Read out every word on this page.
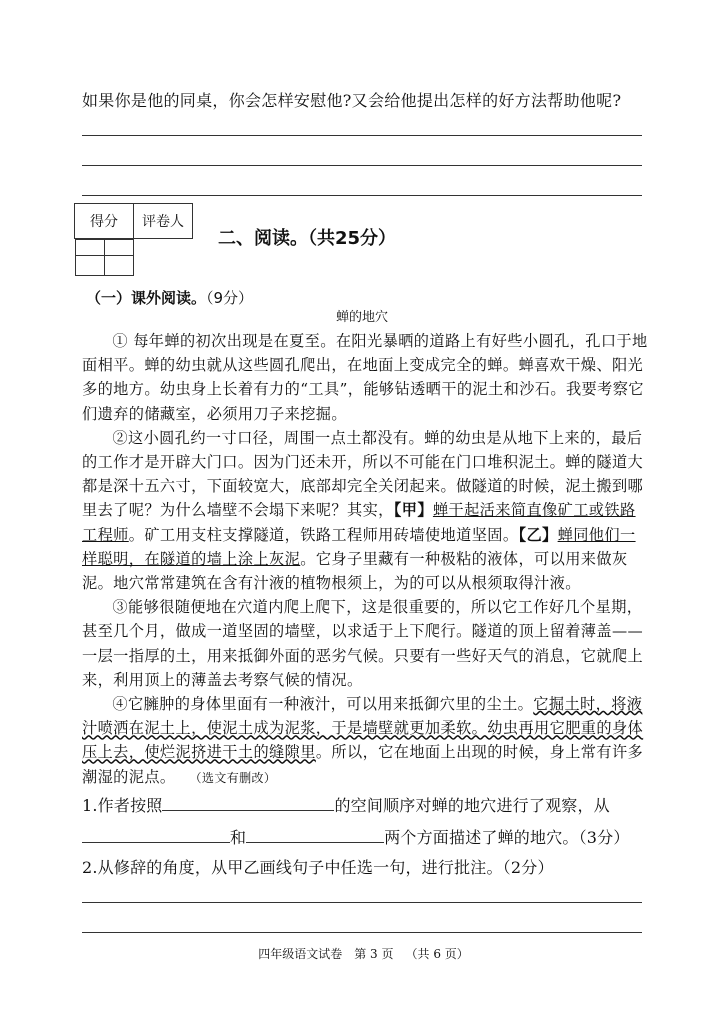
如果你是他的同桌，你会怎样安慰他?又会给他提出怎样的好方法帮助他呢?
得分	评卷人

二、阅读。（共25分）
（一）课外阅读。（9分）
蝉的地穴

① 每年蝉的初次出现是在夏至。在阳光暴晒的道路上有好些小圆孔，孔口于地面相平。蝉的幼虫就从这些圆孔爬出，在地面上变成完全的蝉。蝉喜欢干燥、阳光多的地方。幼虫身上长着有力的“工具”，能够钻透晒干的泥土和沙石。我要考察它们遗弃的储藏室，必须用刀子来挖掘。

②这小圆孔约一寸口径，周围一点土都没有。蝉的幼虫是从地下上来的，最后的工作才是开辟大门口。因为门还未开，所以不可能在门口堆积泥土。蝉的隧道大都是深十五六寸，下面较宽大，底部却完全关闭起来。做隧道的时候，泥土搬到哪里去了呢？为什么墙壁不会塌下来呢？其实，【甲】蝉干起活来简直像矿工或铁路工程师。矿工用支柱支撑隧道，铁路工程师用砖墙使地道坚固。【乙】蝉同他们一样聪明，在隧道的墙上涂上灰泥。它身子里藏有一种极粘的液体，可以用来做灰泥。地穴常常建筑在含有汁液的植物根须上，为的可以从根须取得汁液。

③能够很随便地在穴道内爬上爬下，这是很重要的，所以它工作好几个星期，甚至几个月，做成一道坚固的墙壁，以求适于上下爬行。隧道的顶上留着薄盖——一层一指厚的土，用来抵御外面的恶劣气候。只要有一些好天气的消息，它就爬上来，利用顶上的薄盖去考察气候的情况。

④它臃肿的身体里面有一种液汁，可以用来抵御穴里的尘土。它掘土时，将液汁喷洒在泥土上，使泥土成为泥浆，于是墙壁就更加柔软。幼虫再用它肥重的身体压上去，使烂泥挤进干土的缝隙里。所以，它在地面上出现的时候，身上常有许多潮湿的泥点。 （选文有删改）

1.作者按照	的空间顺序对蝉的地穴进行了观察，从
和	两个方面描述了蝉的地穴。（3分）
2.从修辞的角度，从甲乙画线句子中任选一句，进行批注。（2分）
四年级语文试卷 第 3 页 （共 6 页）
